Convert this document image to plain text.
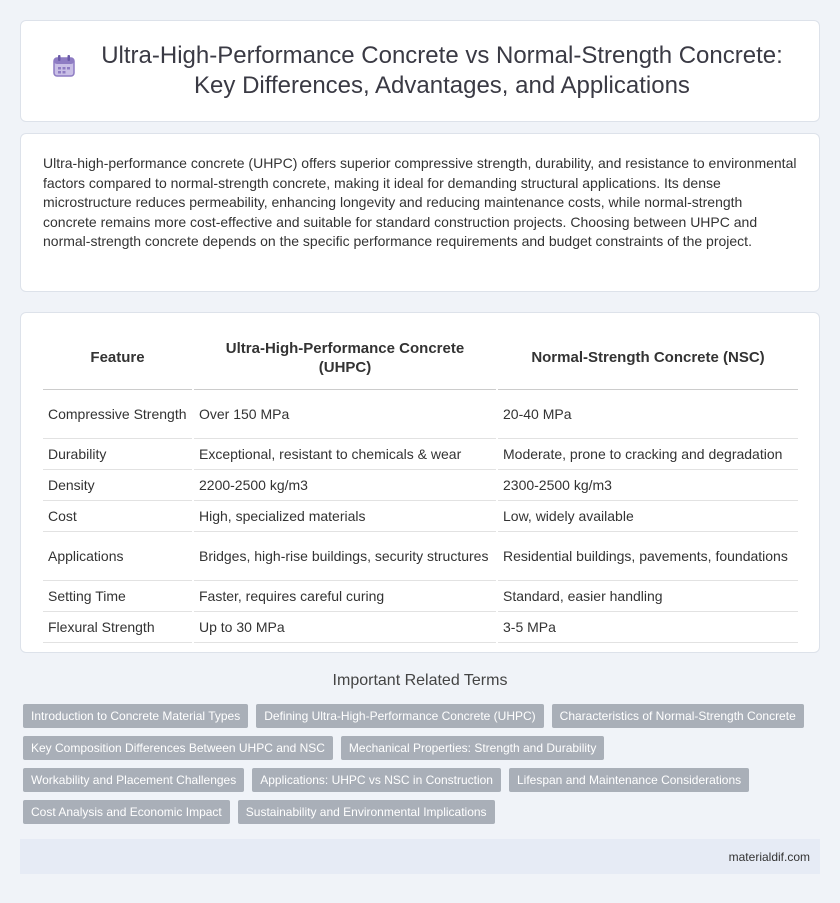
Ultra-High-Performance Concrete vs Normal-Strength Concrete: Key Differences, Advantages, and Applications

Ultra-high-performance concrete (UHPC) offers superior compressive strength, durability, and resistance to environmental factors compared to normal-strength concrete, making it ideal for demanding structural applications. Its dense microstructure reduces permeability, enhancing longevity and reducing maintenance costs, while normal-strength concrete remains more cost-effective and suitable for standard construction projects. Choosing between UHPC and normal-strength concrete depends on the specific performance requirements and budget constraints of the project.

Feature	Ultra-High-Performance Concrete (UHPC)	Normal-Strength Concrete (NSC)
Compressive Strength	Over 150 MPa	20-40 MPa
Durability	Exceptional, resistant to chemicals & wear	Moderate, prone to cracking and degradation
Density	2200-2500 kg/m3	2300-2500 kg/m3
Cost	High, specialized materials	Low, widely available
Applications	Bridges, high-rise buildings, security structures	Residential buildings, pavements, foundations
Setting Time	Faster, requires careful curing	Standard, easier handling
Flexural Strength	Up to 30 MPa	3-5 MPa
Important Related Terms
Introduction to Concrete Material Types	Defining Ultra-High-Performance Concrete (UHPC)	Characteristics of Normal-Strength Concrete
Key Composition Differences Between UHPC and NSC	Mechanical Properties: Strength and Durability
Workability and Placement Challenges	Applications: UHPC vs NSC in Construction	Lifespan and Maintenance Considerations
Cost Analysis and Economic Impact	Sustainability and Environmental Implications
materialdif.com
